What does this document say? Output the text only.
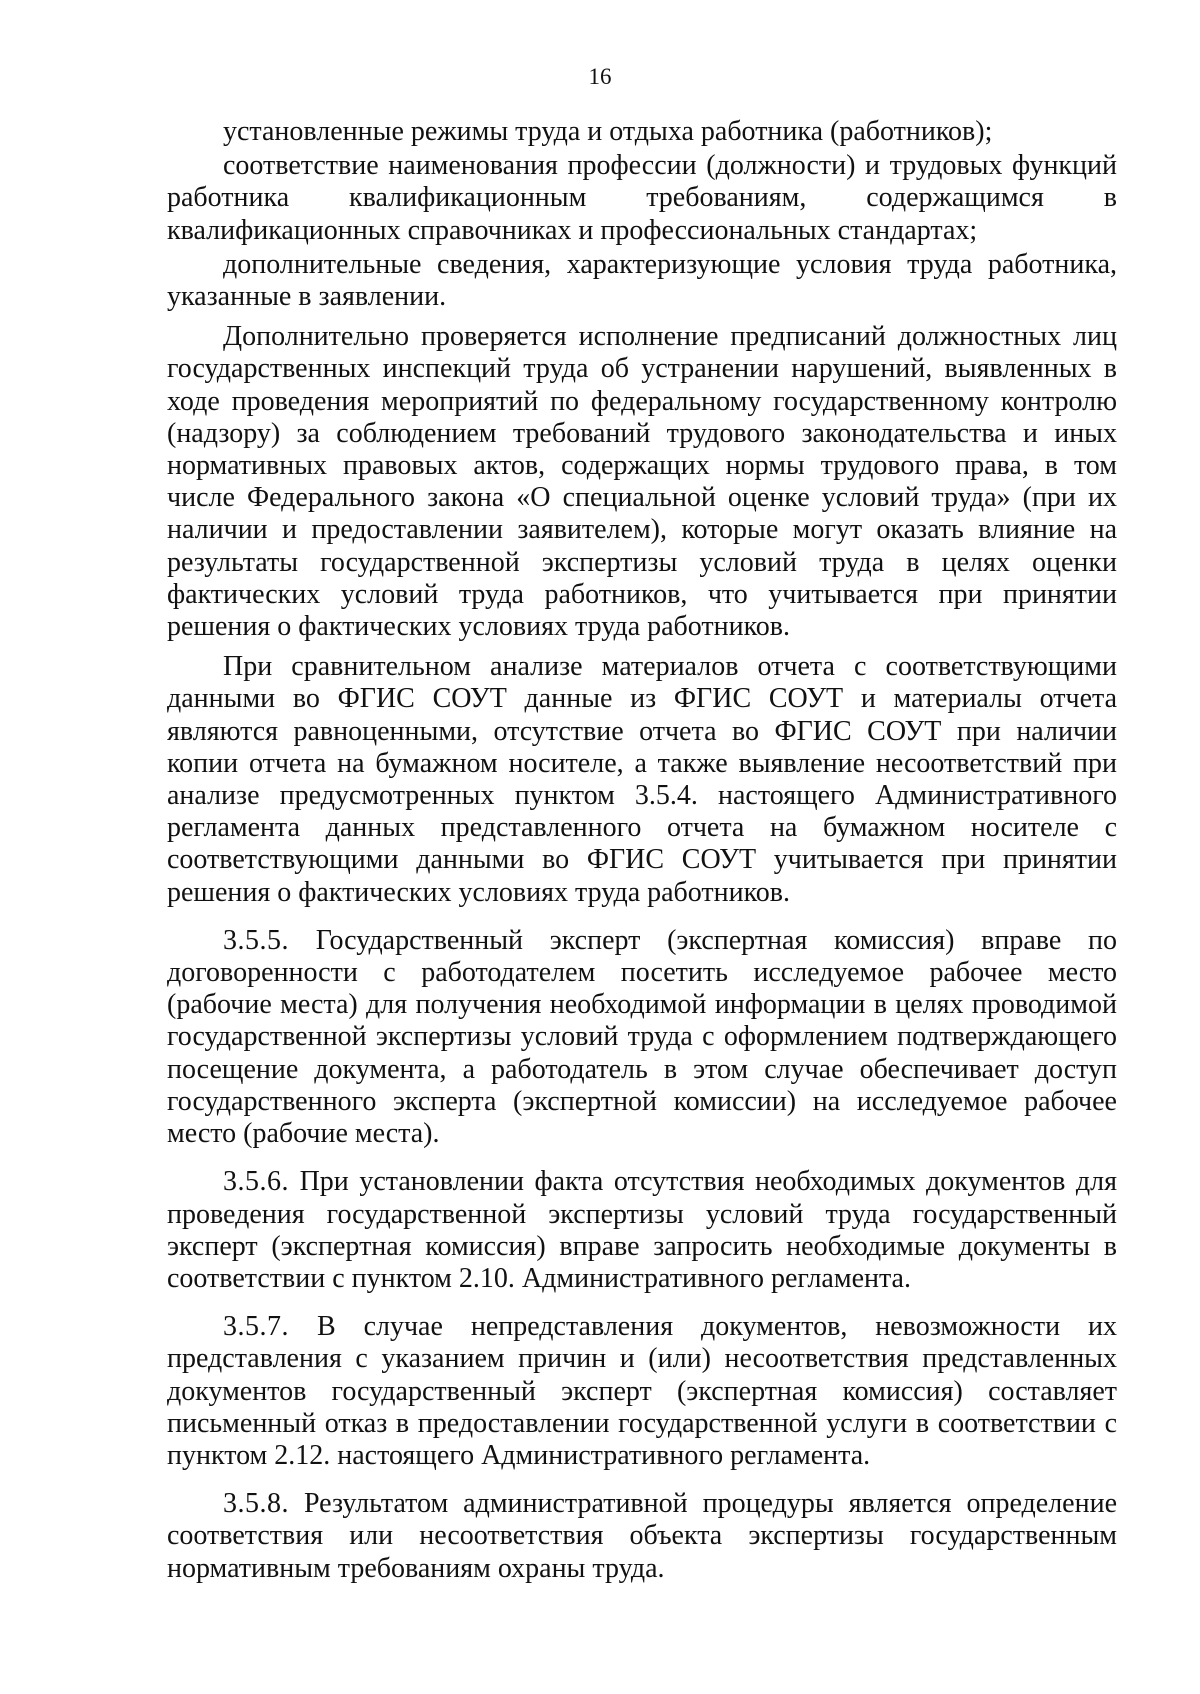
16

установленные режимы труда и отдыха работника (работников);

соответствие наименования профессии (должности) и трудовых функций работника квалификационным требованиям, содержащимся в квалификационных справочниках и профессиональных стандартах;

дополнительные сведения, характеризующие условия труда работника, указанные в заявлении.

Дополнительно проверяется исполнение предписаний должностных лиц государственных инспекций труда об устранении нарушений, выявленных в ходе проведения мероприятий по федеральному государственному контролю (надзору) за соблюдением требований трудового законодательства и иных нормативных правовых актов, содержащих нормы трудового права, в том числе Федерального закона «О специальной оценке условий труда» (при их наличии и предоставлении заявителем), которые могут оказать влияние на результаты государственной экспертизы условий труда в целях оценки фактических условий труда работников, что учитывается при принятии решения о фактических условиях труда работников.

При сравнительном анализе материалов отчета с соответствующими данными во ФГИС СОУТ данные из ФГИС СОУТ и материалы отчета являются равноценными, отсутствие отчета во ФГИС СОУТ при наличии копии отчета на бумажном носителе, а также выявление несоответствий при анализе предусмотренных пунктом 3.5.4. настоящего Административного регламента данных представленного отчета на бумажном носителе с соответствующими данными во ФГИС СОУТ учитывается при принятии решения о фактических условиях труда работников.

3.5.5. Государственный эксперт (экспертная комиссия) вправе по договоренности с работодателем посетить исследуемое рабочее место (рабочие места) для получения необходимой информации в целях проводимой государственной экспертизы условий труда с оформлением подтверждающего посещение документа, а работодатель в этом случае обеспечивает доступ государственного эксперта (экспертной комиссии) на исследуемое рабочее место (рабочие места).

3.5.6. При установлении факта отсутствия необходимых документов для проведения государственной экспертизы условий труда государственный эксперт (экспертная комиссия) вправе запросить необходимые документы в соответствии с пунктом 2.10. Административного регламента.

3.5.7. В случае непредставления документов, невозможности их представления с указанием причин и (или) несоответствия представленных документов государственный эксперт (экспертная комиссия) составляет письменный отказ в предоставлении государственной услуги в соответствии с пунктом 2.12. настоящего Административного регламента.

3.5.8. Результатом административной процедуры является определение соответствия или несоответствия объекта экспертизы государственным нормативным требованиям охраны труда.
